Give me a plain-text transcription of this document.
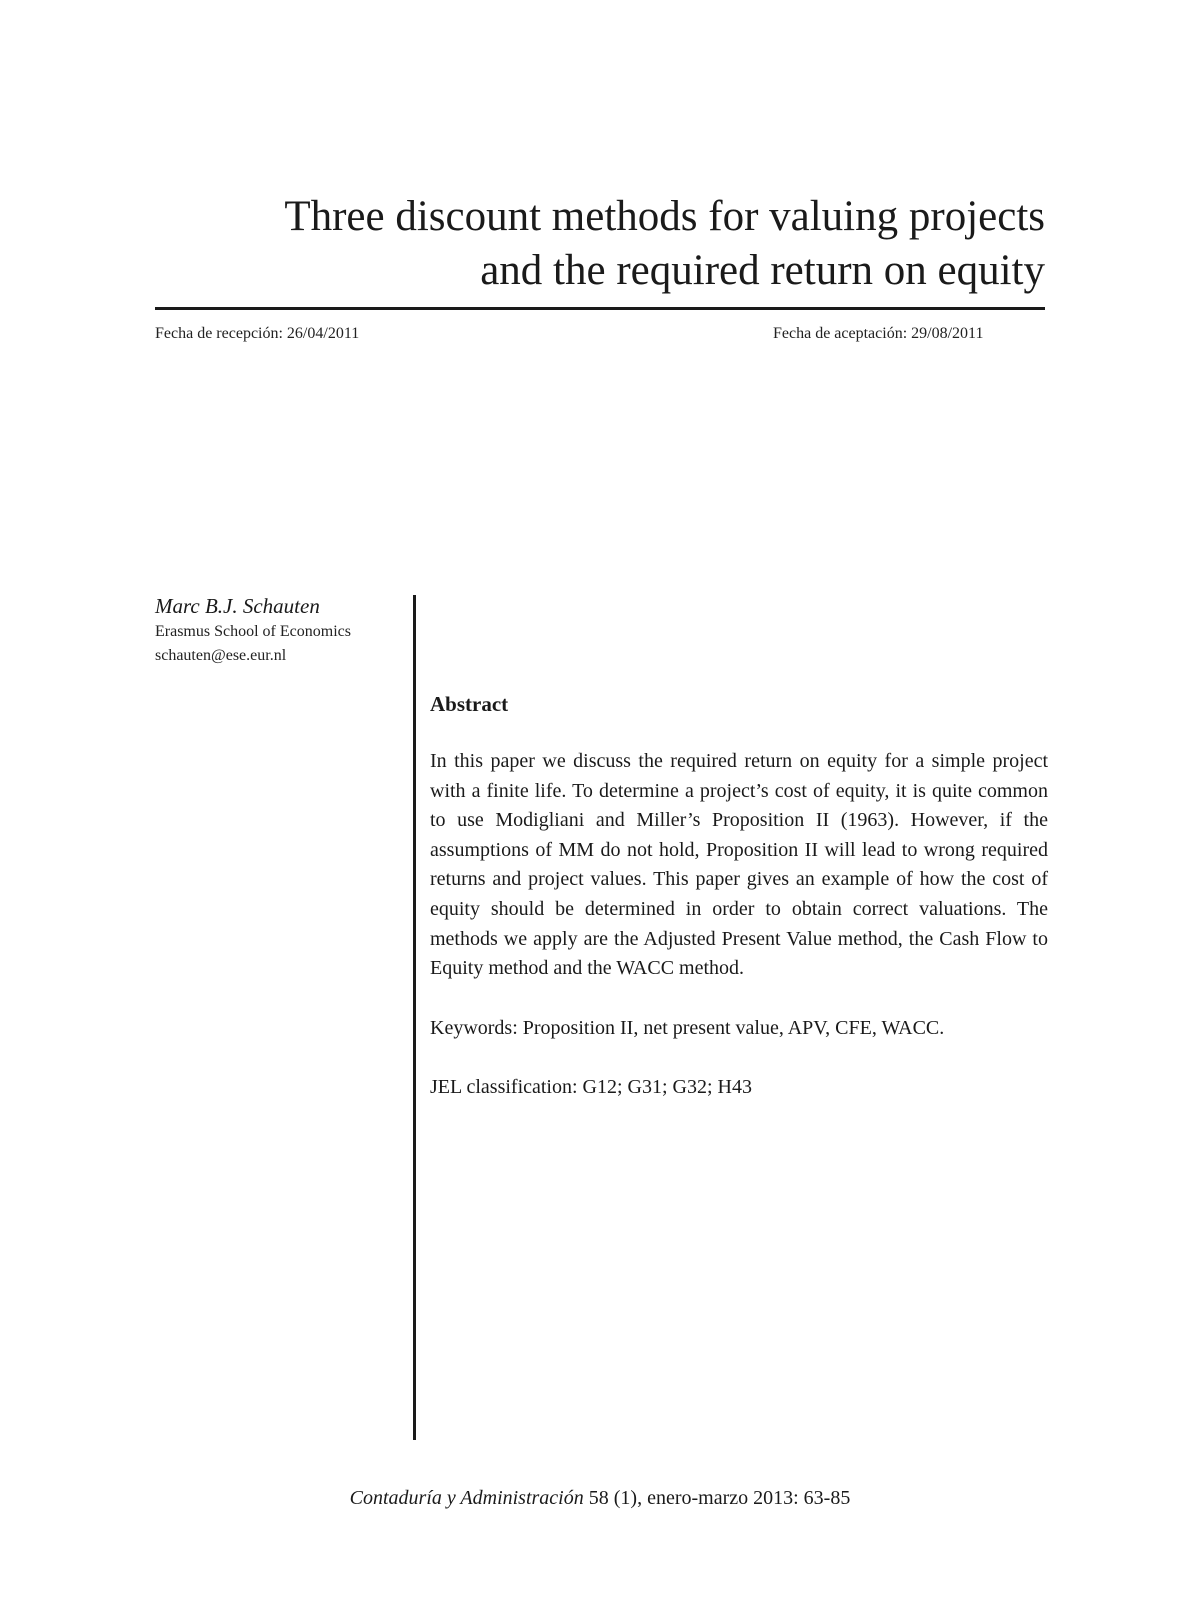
Three discount methods for valuing projects
and the required return on equity
Fecha de recepción: 26/04/2011	Fecha de aceptación: 29/08/2011
Marc B.J. Schauten
Erasmus School of Economics
schauten@ese.eur.nl
Abstract

In this paper we discuss the required return on equity for a simple project with a finite life. To determine a project’s cost of equity, it is quite common to use Modigliani and Miller’s Proposition II (1963). However, if the assumptions of MM do not hold, Proposition II will lead to wrong required returns and project values. This paper gives an example of how the cost of equity should be determined in order to obtain correct valuations. The methods we apply are the Adjusted Present Value method, the Cash Flow to Equity method and the WACC method.

Keywords: Proposition II, net present value, APV, CFE, WACC.

JEL classification: G12; G31; G32; H43

Contaduría y Administración 58 (1), enero-marzo 2013: 63-85
